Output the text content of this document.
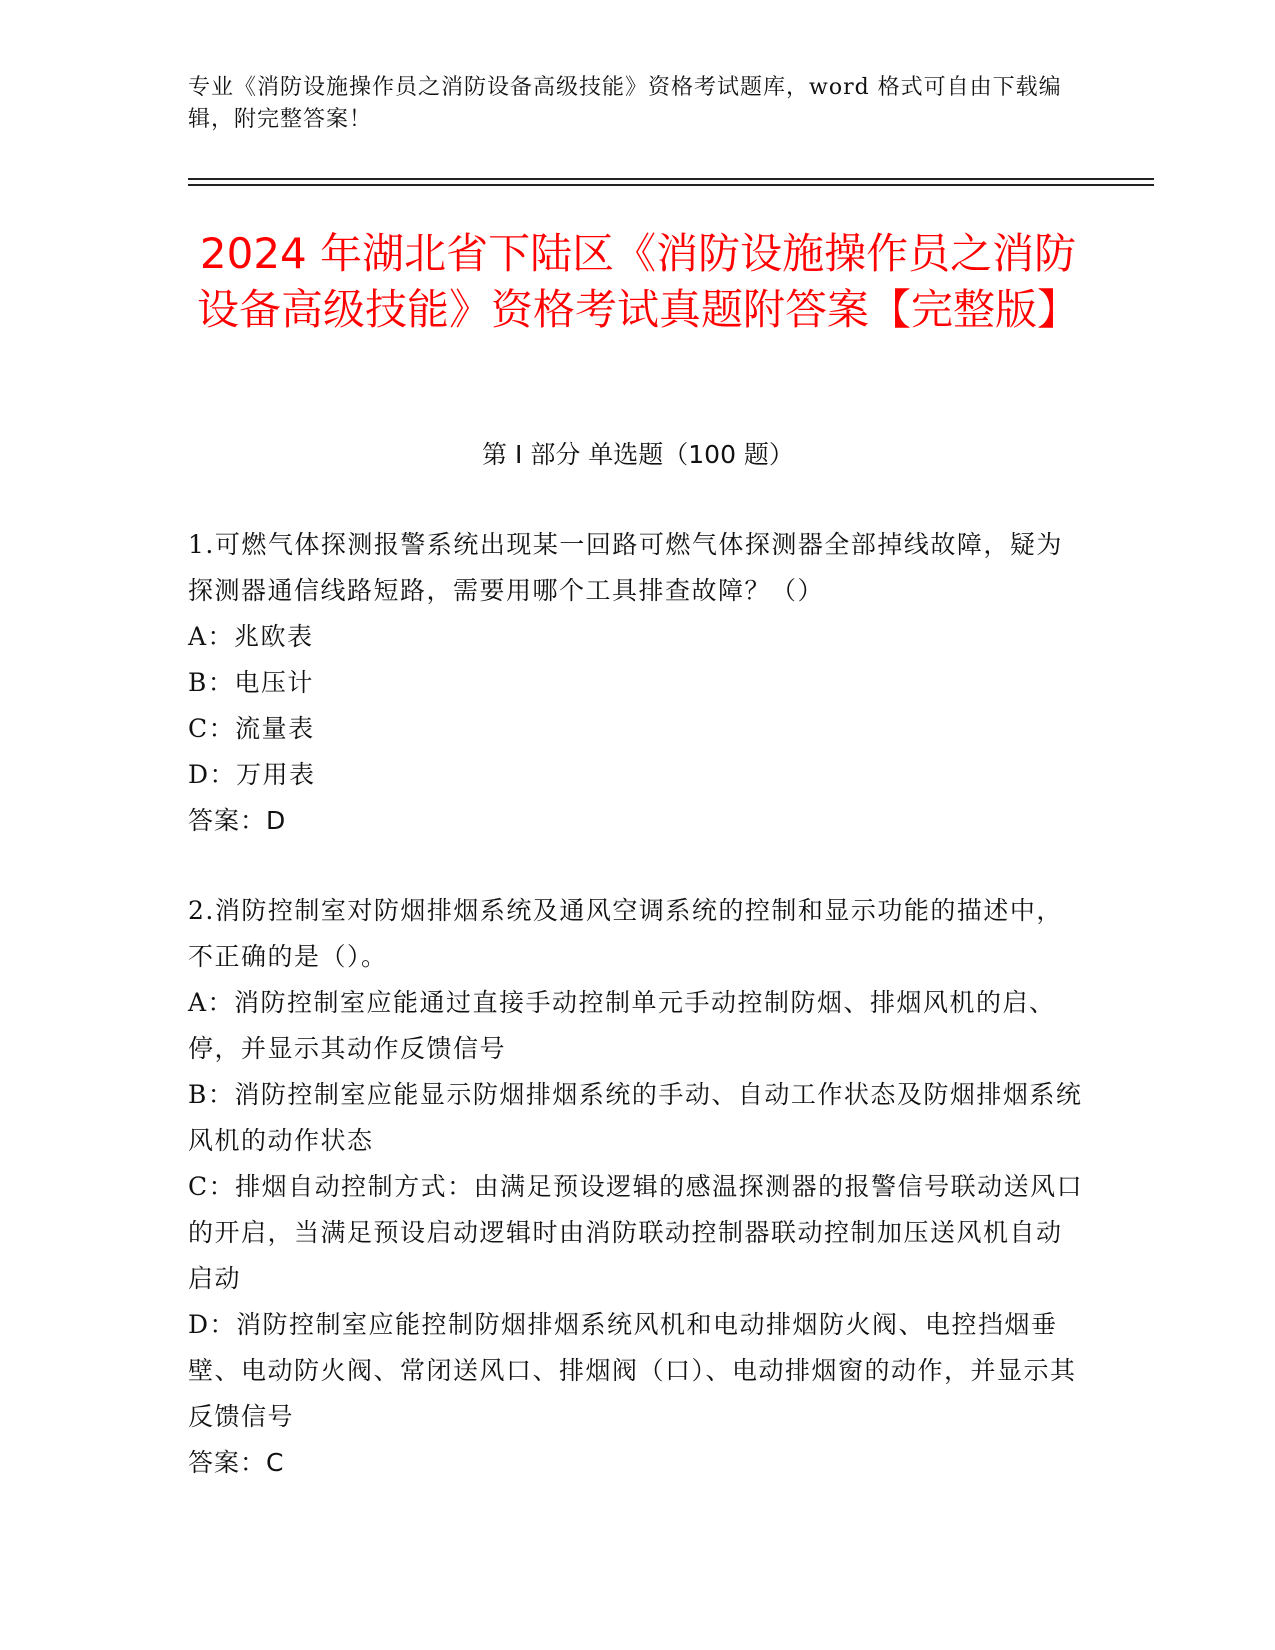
专业《消防设施操作员之消防设备高级技能》资格考试题库，word 格式可自由下载编辑，附完整答案！
2024 年湖北省下陆区《消防设施操作员之消防设备高级技能》资格考试真题附答案【完整版】
第 I 部分 单选题（100 题）
1.可燃气体探测报警系统出现某一回路可燃气体探测器全部掉线故障，疑为探测器通信线路短路，需要用哪个工具排查故障？（）
A：兆欧表
B：电压计
C：流量表
D：万用表
答案：D
2.消防控制室对防烟排烟系统及通风空调系统的控制和显示功能的描述中，不正确的是（）。
A：消防控制室应能通过直接手动控制单元手动控制防烟、排烟风机的启、停，并显示其动作反馈信号
B：消防控制室应能显示防烟排烟系统的手动、自动工作状态及防烟排烟系统风机的动作状态
C：排烟自动控制方式：由满足预设逻辑的感温探测器的报警信号联动送风口的开启，当满足预设启动逻辑时由消防联动控制器联动控制加压送风机自动启动
D：消防控制室应能控制防烟排烟系统风机和电动排烟防火阀、电控挡烟垂壁、电动防火阀、常闭送风口、排烟阀（口）、电动排烟窗的动作，并显示其反馈信号
答案：C
